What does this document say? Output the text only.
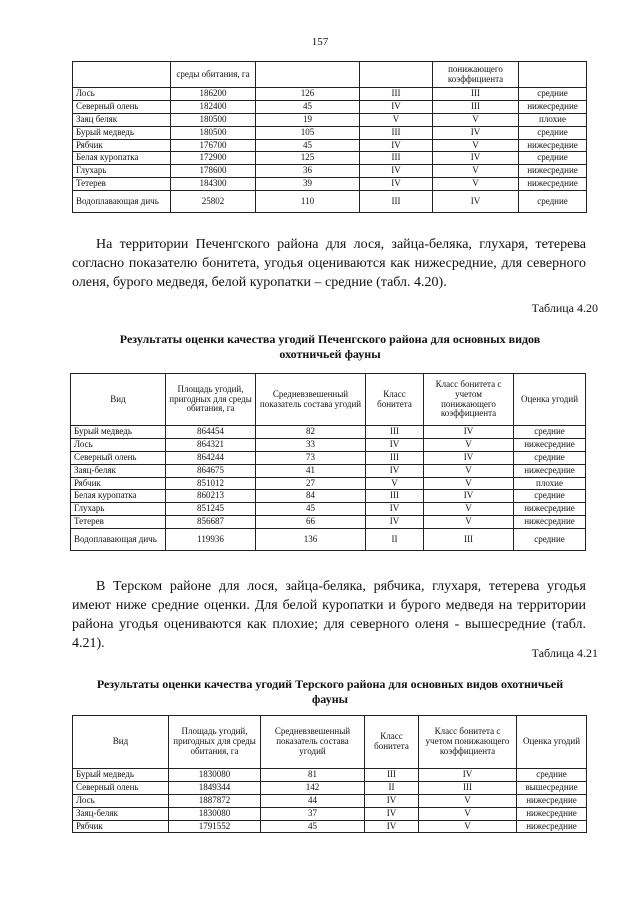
157
	среды обитания, га			понижающего коэффициента	
Лось	186200	126	III	III	средние
Северный олень	182400	45	IV	III	нижесредние
Заяц беляк	180500	19	V	V	плохие
Бурый медведь	180500	105	III	IV	средние
Рябчик	176700	45	IV	V	нижесредние
Белая куропатка	172900	125	III	IV	средние
Глухарь	178600	36	IV	V	нижесредние
Тетерев	184300	39	IV	V	нижесредние
Водоплавающая дичь	25802	110	III	IV	средние
На территории Печенгского района для лося, зайца-беляка, глухаря, тетерева согласно показателю бонитета, угодья оцениваются как нижесредние, для северного оленя, бурого медведя, белой куропатки – средние (табл. 4.20).
Таблица 4.20
Результаты оценки качества угодий Печенгского района для основных видов охотничьей фауны
Вид	Площадь угодий, пригодных для среды обитания, га	Средневзвешенный показатель состава угодий	Класс бонитета	Класс бонитета с учетом понижающего коэффициента	Оценка угодий
Бурый медведь	864454	82	III	IV	средние
Лось	864321	33	IV	V	нижесредние
Северный олень	864244	73	III	IV	средние
Заяц-беляк	864675	41	IV	V	нижесредние
Рябчик	851012	27	V	V	плохие
Белая куропатка	860213	84	III	IV	средние
Глухарь	851245	45	IV	V	нижесредние
Тетерев	856687	66	IV	V	нижесредние
Водоплавающая дичь	119936	136	II	III	средние
В Терском районе для лося, зайца-беляка, рябчика, глухаря, тетерева угодья имеют ниже средние оценки. Для белой куропатки и бурого медведя на территории района угодья оцениваются как плохие; для северного оленя - вышесредние (табл. 4.21).
Таблица 4.21
Результаты оценки качества угодий Терского района для основных видов охотничьей фауны
Вид	Площадь угодий, пригодных для среды обитания, га	Средневзвешенный показатель состава угодий	Класс бонитета	Класс бонитета с учетом понижающего коэффициента	Оценка угодий
Бурый медведь	1830080	81	III	IV	средние
Северный олень	1849344	142	II	III	вышесредние
Лось	1887872	44	IV	V	нижесредние
Заяц-беляк	1830080	37	IV	V	нижесредние
Рябчик	1791552	45	IV	V	нижесредние
